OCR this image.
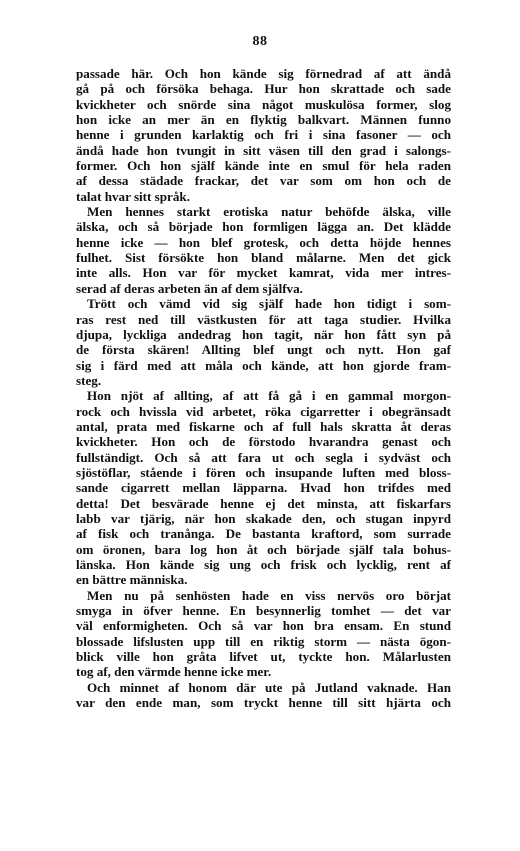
88
passade här. Och hon kände sig förnedrad af att ändå
gå på och försöka behaga. Hur hon skrattade och sade
kvickheter och snörde sina något muskulösa former, slog
hon icke an mer än en flyktig balkvart. Männen funno
henne i grunden karlaktig och fri i sina fasoner — och
ändå hade hon tvungit in sitt väsen till den grad i salongs-
former. Och hon själf kände inte en smul för hela raden
af dessa städade frackar, det var som om hon och de
talat hvar sitt språk.
Men hennes starkt erotiska natur behöfde älska, ville
älska, och så började hon formligen lägga an. Det klädde
henne icke — hon blef grotesk, och detta höjde hennes
fulhet. Sist försökte hon bland målarne. Men det gick
inte alls. Hon var för mycket kamrat, vida mer intres-
serad af deras arbeten än af dem själfva.
Trött och vämd vid sig själf hade hon tidigt i som-
ras rest ned till västkusten för att taga studier. Hvilka
djupa, lyckliga andedrag hon tagit, när hon fått syn på
de första skären! Allting blef ungt och nytt. Hon gaf
sig i färd med att måla och kände, att hon gjorde fram-
steg.
Hon njöt af allting, af att få gå i en gammal morgon-
rock och hvissla vid arbetet, röka cigarretter i obegränsadt
antal, prata med fiskarne och af full hals skratta åt deras
kvickheter. Hon och de förstodo hvarandra genast och
fullständigt. Och så att fara ut och segla i sydväst och
sjöstöflar, stående i fören och insupande luften med bloss-
sande cigarrett mellan läpparna. Hvad hon trifdes med
detta! Det besvärade henne ej det minsta, att fiskarfars
labb var tjärig, när hon skakade den, och stugan inpyrd
af fisk och tranånga. De bastanta kraftord, som surrade
om öronen, bara log hon åt och började själf tala bohus-
länska. Hon kände sig ung och frisk och lycklig, rent af
en bättre människa.
Men nu på senhösten hade en viss nervös oro börjat
smyga in öfver henne. En besynnerlig tomhet — det var
väl enformigheten. Och så var hon bra ensam. En stund
blossade lifslusten upp till en riktig storm — nästa ögon-
blick ville hon gråta lifvet ut, tyckte hon. Målarlusten
tog af, den värmde henne icke mer.
Och minnet af honom där ute på Jutland vaknade. Han
var den ende man, som tryckt henne till sitt hjärta och
